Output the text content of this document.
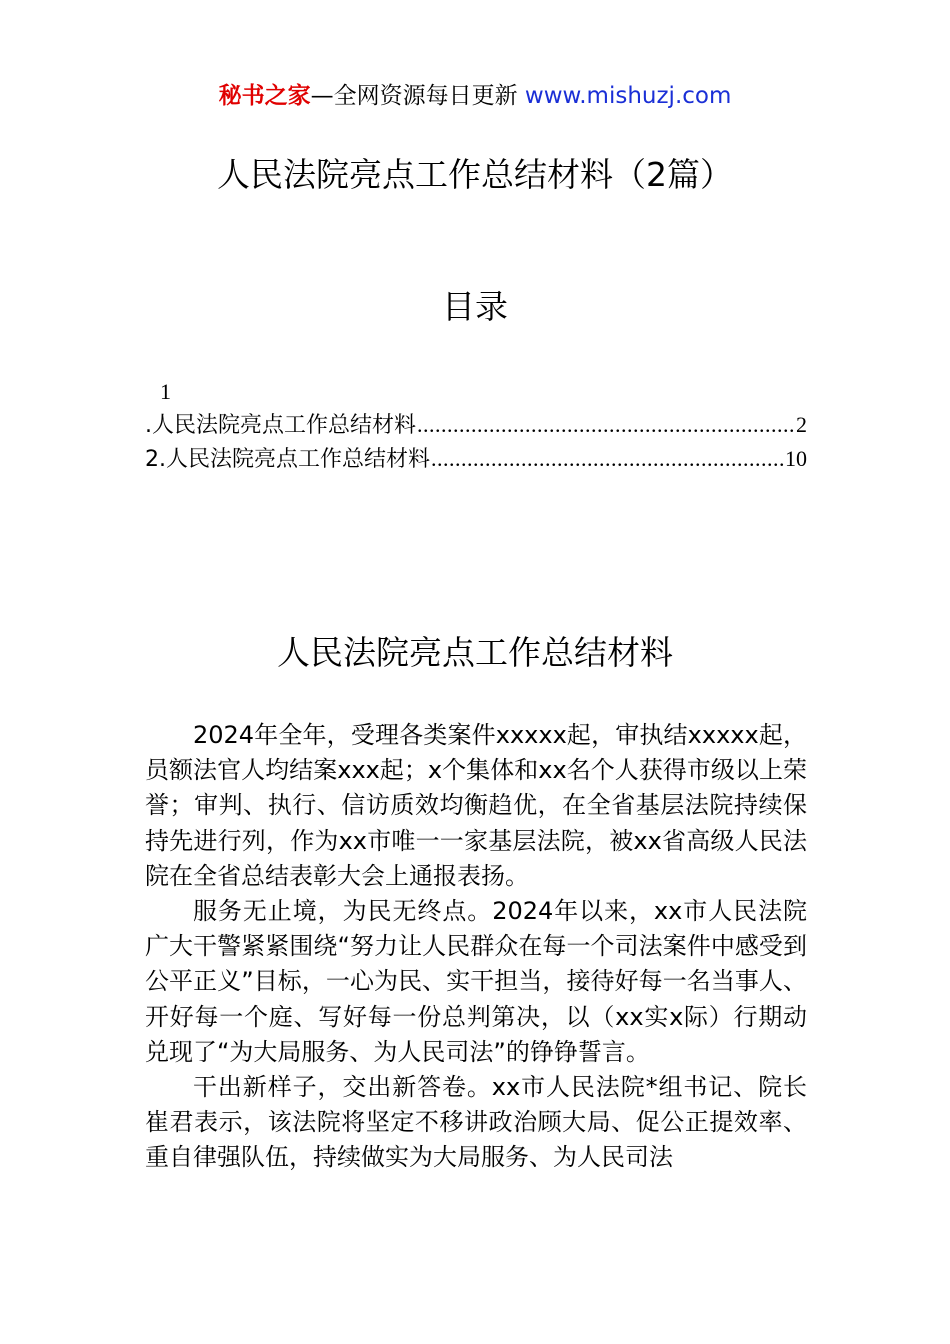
秘书之家—全网资源每日更新 www.mishuzj.com
人民法院亮点工作总结材料（2篇）
目录
1
.人民法院亮点工作总结材料 .....	2
2.人民法院亮点工作总结材料 .....	10
人民法院亮点工作总结材料

2024年全年，受理各类案件xxxxx起，审执结xxxxx起，员额法官人均结案xxx起；x个集体和xx名个人获得市级以上荣誉；审判、执行、信访质效均衡趋优，在全省基层法院持续保持先进行列，作为xx市唯一一家基层法院，被xx省高级人民法院在全省总结表彰大会上通报表扬。

服务无止境，为民无终点。2024年以来，xx市人民法院广大干警紧紧围绕“努力让人民群众在每一个司法案件中感受到公平正义”目标，一心为民、实干担当，接待好每一名当事人、开好每一个庭、写好每一份总判第决，以（xx实x际）行期动兑现了“为大局服务、为人民司法”的铮铮誓言。

干出新样子，交出新答卷。xx市人民法院*组书记、院长崔君表示，该法院将坚定不移讲政治顾大局、促公正提效率、重自律强队伍，持续做实为大局服务、为人民司法
